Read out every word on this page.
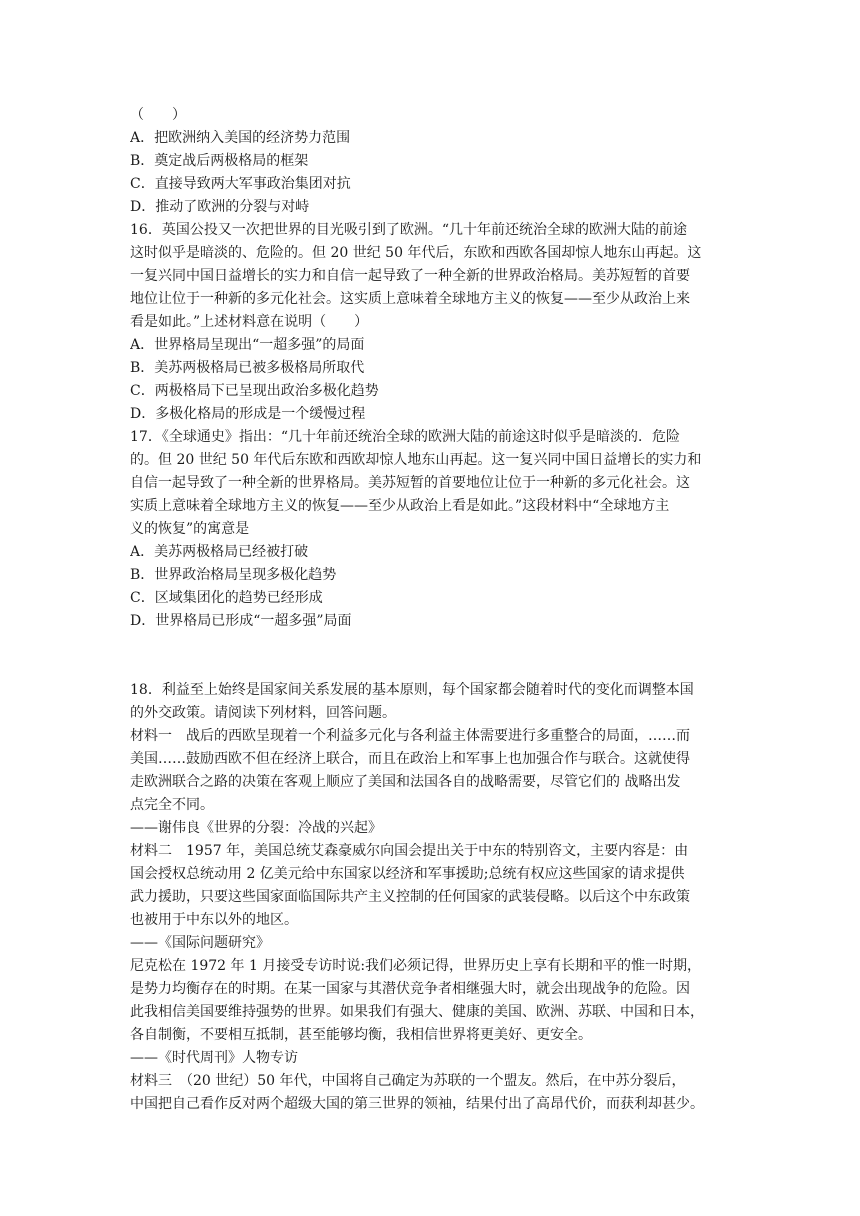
（　　）
A．把欧洲纳入美国的经济势力范围
B．奠定战后两极格局的框架
C．直接导致两大军事政治集团对抗
D．推动了欧洲的分裂与对峙
16．英国公投又一次把世界的目光吸引到了欧洲。“几十年前还统治全球的欧洲大陆的前途
这时似乎是暗淡的、危险的。但 20 世纪 50 年代后，东欧和西欧各国却惊人地东山再起。这
一复兴同中国日益增长的实力和自信一起导致了一种全新的世界政治格局。美苏短暂的首要
地位让位于一种新的多元化社会。这实质上意味着全球地方主义的恢复——至少从政治上来
看是如此。”上述材料意在说明（　　）
A．世界格局呈现出“一超多强”的局面
B．美苏两极格局已被多极格局所取代
C．两极格局下已呈现出政治多极化趋势
D．多极化格局的形成是一个缓慢过程
17．《全球通史》指出：“几十年前还统治全球的欧洲大陆的前途这时似乎是暗淡的．危险
的。但 20 世纪 50 年代后东欧和西欧却惊人地东山再起。这一复兴同中国日益增长的实力和
自信一起导致了一种全新的世界格局。美苏短暂的首要地位让位于一种新的多元化社会。这
实质上意味着全球地方主义的恢复——至少从政治上看是如此。”这段材料中“全球地方主
义的恢复”的寓意是
A．美苏两极格局已经被打破
B．世界政治格局呈现多极化趋势
C．区域集团化的趋势已经形成
D．世界格局已形成“一超多强”局面
18．利益至上始终是国家间关系发展的基本原则，每个国家都会随着时代的变化而调整本国
的外交政策。请阅读下列材料，回答问题。
材料一　战后的西欧呈现着一个利益多元化与各利益主体需要进行多重整合的局面，……而
美国……鼓励西欧不但在经济上联合，而且在政治上和军事上也加强合作与联合。这就使得
走欧洲联合之路的决策在客观上顺应了美国和法国各自的战略需要，尽管它们的 战略出发
点完全不同。
——谢伟良《世界的分裂：冷战的兴起》
材料二　1957 年，美国总统艾森豪威尔向国会提出关于中东的特别咨文，主要内容是：由
国会授权总统动用 2 亿美元给中东国家以经济和军事援助;总统有权应这些国家的请求提供
武力援助，只要这些国家面临国际共产主义控制的任何国家的武装侵略。以后这个中东政策
也被用于中东以外的地区。
——《国际问题研究》
尼克松在 1972 年 1 月接受专访时说:我们必须记得，世界历史上享有长期和平的惟一时期，
是势力均衡存在的时期。在某一国家与其潜伏竞争者相继强大时，就会出现战争的危险。因
此我相信美国要维持强势的世界。如果我们有强大、健康的美国、欧洲、苏联、中国和日本，
各自制衡，不要相互抵制，甚至能够均衡，我相信世界将更美好、更安全。
——《时代周刊》人物专访
材料三　（20 世纪）50 年代，中国将自己确定为苏联的一个盟友。然后，在中苏分裂后，
中国把自己看作反对两个超级大国的第三世界的领袖，结果付出了高昂代价，而获利却甚少。
